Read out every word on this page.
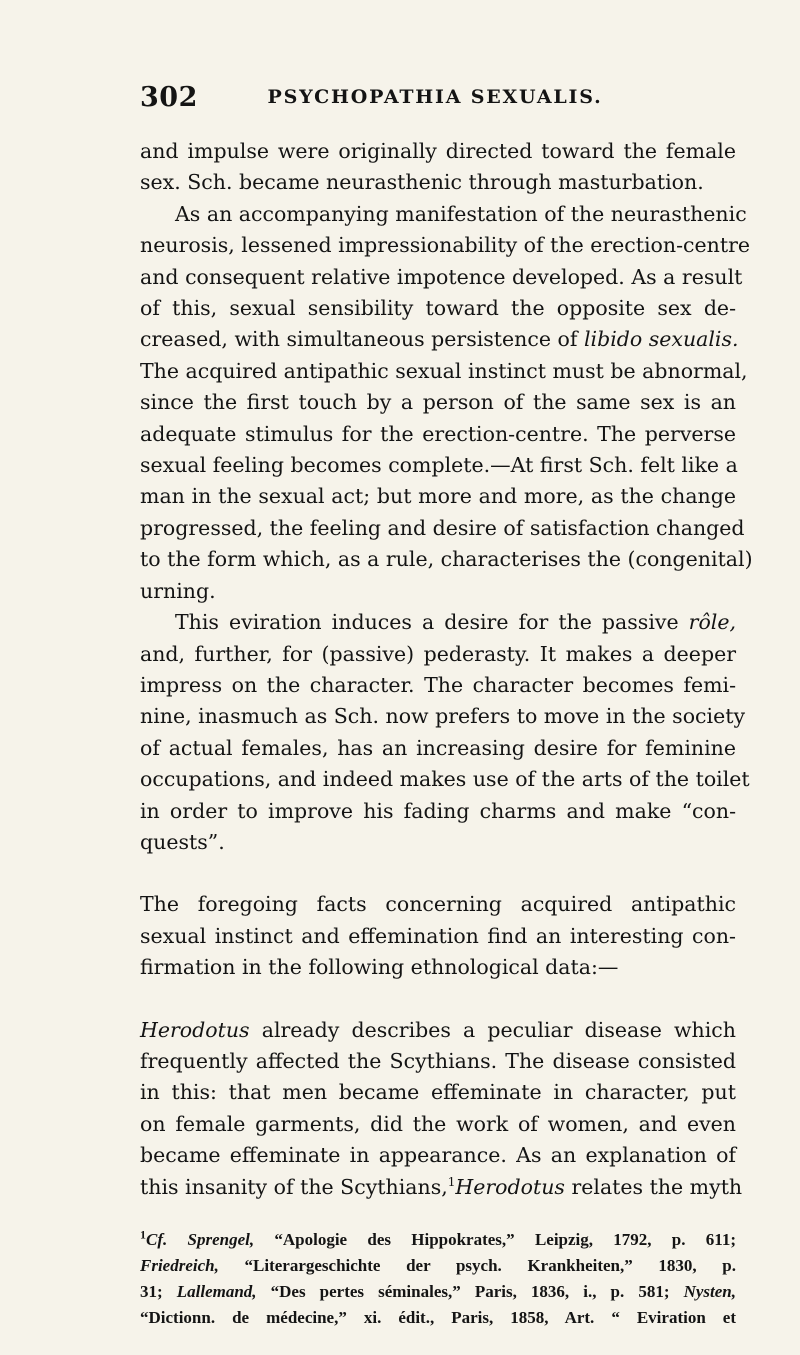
302	PSYCHOPATHIA SEXUALIS.
and impulse were originally directed toward the female
sex. Sch. became neurasthenic through masturbation.
As an accompanying manifestation of the neurasthenic
neurosis, lessened impressionability of the erection-centre
and consequent relative impotence developed. As a result
of this, sexual sensibility toward the opposite sex de-
creased, with simultaneous persistence of libido sexualis.
The acquired antipathic sexual instinct must be abnormal,
since the first touch by a person of the same sex is an
adequate stimulus for the erection-centre. The perverse
sexual feeling becomes complete.—At first Sch. felt like a
man in the sexual act; but more and more, as the change
progressed, the feeling and desire of satisfaction changed
to the form which, as a rule, characterises the (congenital)
urning.
This eviration induces a desire for the passive rôle,
and, further, for (passive) pederasty. It makes a deeper
impress on the character. The character becomes femi-
nine, inasmuch as Sch. now prefers to move in the society
of actual females, has an increasing desire for feminine
occupations, and indeed makes use of the arts of the toilet
in order to improve his fading charms and make “con-
quests”.
The foregoing facts concerning acquired antipathic
sexual instinct and effemination find an interesting con-
firmation in the following ethnological data:—
Herodotus already describes a peculiar disease which
frequently affected the Scythians. The disease consisted
in this: that men became effeminate in character, put
on female garments, did the work of women, and even
became effeminate in appearance. As an explanation of
this insanity of the Scythians,$^1$Herodotus relates the myth
$^1$Cf. Sprengel, “Apologie des Hippokrates,” Leipzig, 1792, p. 611;
Friedreich, “Literargeschichte der psych. Krankheiten,” 1830, p.
31; Lallemand, “Des pertes séminales,” Paris, 1836, i., p. 581; Nysten,
“Dictionn. de médecine,” xi. édit., Paris, 1858, Art. “ Eviration et
